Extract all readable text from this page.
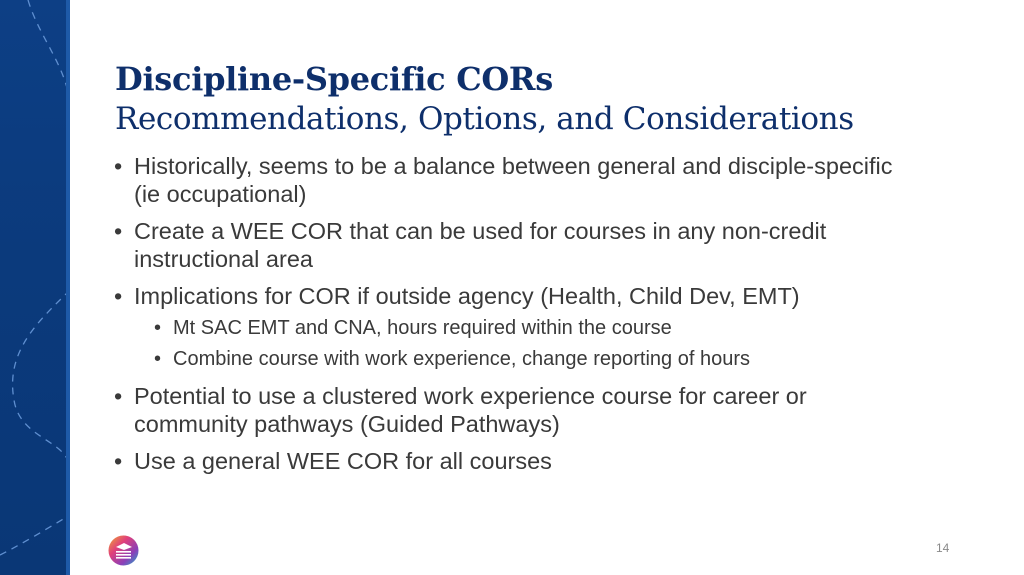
Discipline-Specific CORs
Recommendations, Options, and Considerations
• Historically, seems to be a balance between general and disciple-specific (ie occupational)
• Create a WEE COR that can be used for courses in any non-credit instructional area
• Implications for COR if outside agency (Health, Child Dev, EMT)
• Mt SAC EMT and CNA, hours required within the course
• Combine course with work experience, change reporting of hours
• Potential to use a clustered work experience course for career or community pathways (Guided Pathways)
• Use a general WEE COR for all courses
14
